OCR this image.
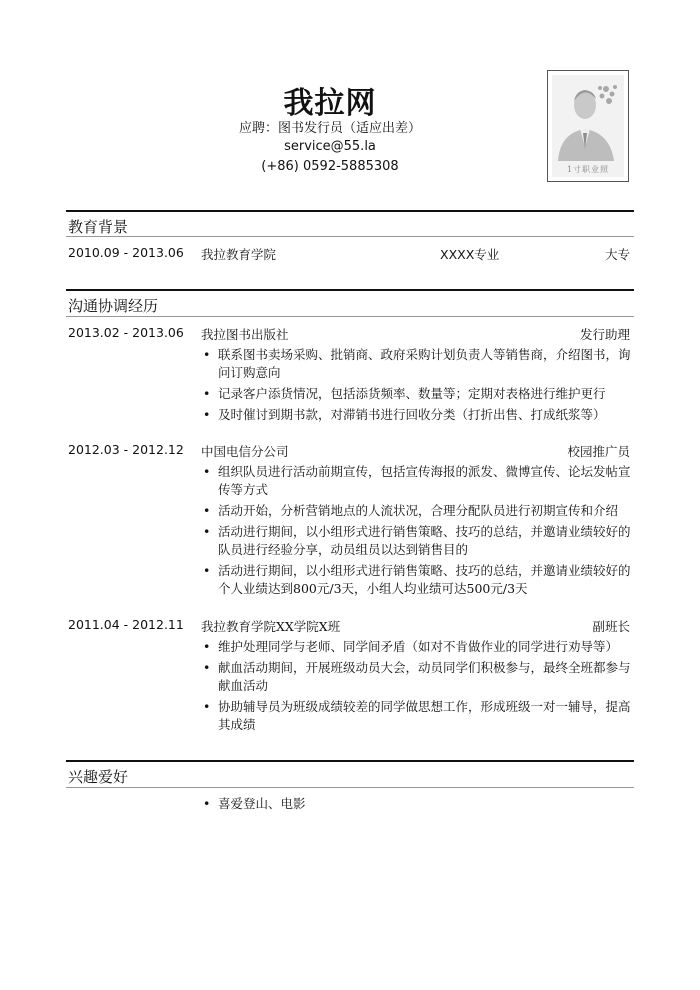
我拉网
应聘：图书发行员（适应出差）
service@55.la
(+86) 0592-5885308	1寸职业照
教育背景
2010.09 - 2013.06 我拉教育学院	XXXX专业	大专
沟通协调经历
2013.02 - 2013.06 我拉图书出版社	发行助理
• 联系图书卖场采购、批销商、政府采购计划负责人等销售商，介绍图书，询问订购意向
• 记录客户添货情况，包括添货频率、数量等；定期对表格进行维护更行
• 及时催讨到期书款，对滞销书进行回收分类（打折出售、打成纸浆等）
2012.03 - 2012.12 中国电信分公司	校园推广员
• 组织队员进行活动前期宣传，包括宣传海报的派发、微博宣传、论坛发帖宣传等方式
• 活动开始，分析营销地点的人流状况，合理分配队员进行初期宣传和介绍
• 活动进行期间，以小组形式进行销售策略、技巧的总结，并邀请业绩较好的队员进行经验分享，动员组员以达到销售目的
• 活动进行期间，以小组形式进行销售策略、技巧的总结，并邀请业绩较好的个人业绩达到800元/3天，小组人均业绩可达500元/3天
2011.04 - 2012.11 我拉教育学院XX学院X班	副班长
• 维护处理同学与老师、同学间矛盾（如对不肯做作业的同学进行劝导等）
• 献血活动期间，开展班级动员大会，动员同学们积极参与，最终全班都参与献血活动
• 协助辅导员为班级成绩较差的同学做思想工作，形成班级一对一辅导，提高其成绩
兴趣爱好
• 喜爱登山、电影
